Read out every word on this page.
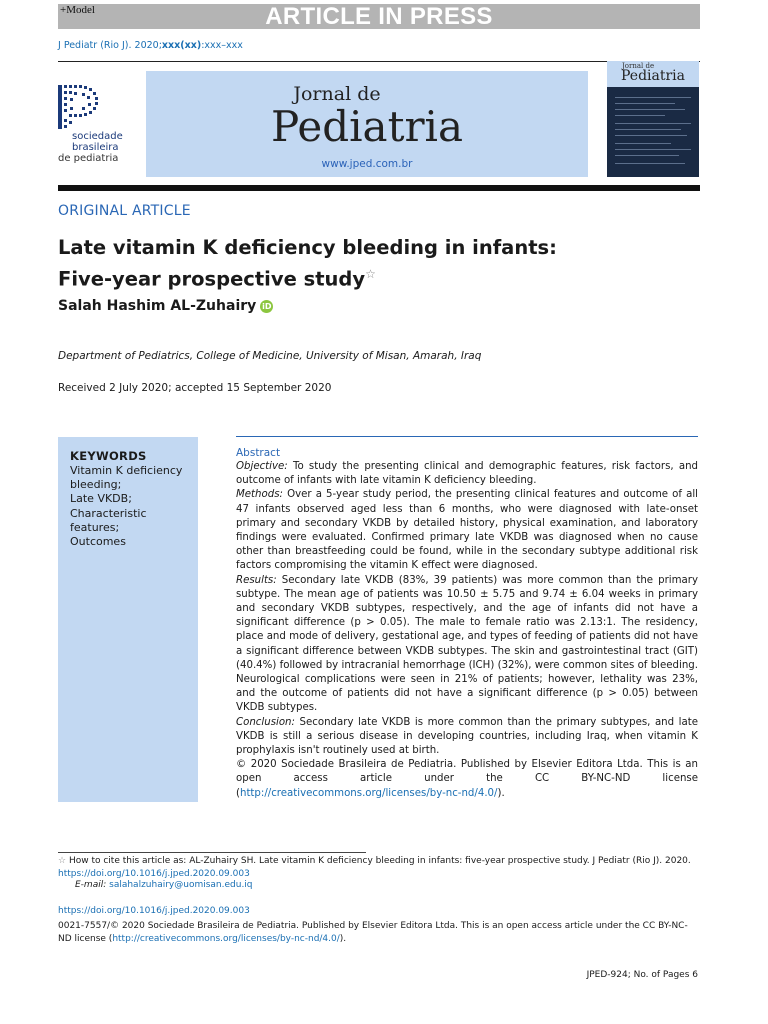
+Model	ARTICLE IN PRESS
J Pediatr (Rio J). 2020;xxx(xx):xxx–xxx
sociedade
brasileira
de pediatria
Jornal de
Pediatria
www.jped.com.br
Jornal de
Pediatria
ORIGINAL ARTICLE
Late vitamin K deficiency bleeding in infants:
Five-year prospective study☆
Salah Hashim AL-Zuhairy iD
Department of Pediatrics, College of Medicine, University of Misan, Amarah, Iraq
Received 2 July 2020; accepted 15 September 2020
KEYWORDS
Vitamin K deficiency bleeding;
Late VKDB;
Characteristic features;
Outcomes
Abstract

Objective: To study the presenting clinical and demographic features, risk factors, and outcome of infants with late vitamin K deficiency bleeding.

Methods: Over a 5-year study period, the presenting clinical features and outcome of all 47 infants observed aged less than 6 months, who were diagnosed with late-onset primary and secondary VKDB by detailed history, physical examination, and laboratory findings were evaluated. Confirmed primary late VKDB was diagnosed when no cause other than breastfeeding could be found, while in the secondary subtype additional risk factors compromising the vitamin K effect were diagnosed.

Results: Secondary late VKDB (83%, 39 patients) was more common than the primary subtype. The mean age of patients was 10.50 ± 5.75 and 9.74 ± 6.04 weeks in primary and secondary VKDB subtypes, respectively, and the age of infants did not have a significant difference (p > 0.05). The male to female ratio was 2.13:1. The residency, place and mode of delivery, gestational age, and types of feeding of patients did not have a significant difference between VKDB subtypes. The skin and gastrointestinal tract (GIT) (40.4%) followed by intracranial hemorrhage (ICH) (32%), were common sites of bleeding. Neurological complications were seen in 21% of patients; however, lethality was 23%, and the outcome of patients did not have a significant difference (p > 0.05) between VKDB subtypes.

Conclusion: Secondary late VKDB is more common than the primary subtypes, and late VKDB is still a serious disease in developing countries, including Iraq, when vitamin K prophylaxis isn't routinely used at birth.

© 2020 Sociedade Brasileira de Pediatria. Published by Elsevier Editora Ltda. This is an open access article under the CC BY-NC-ND license (http://creativecommons.org/licenses/by-nc-nd/4.0/).

☆ How to cite this article as: AL-Zuhairy SH. Late vitamin K deficiency bleeding in infants: five-year prospective study. J Pediatr (Rio J). 2020. https://doi.org/10.1016/j.jped.2020.09.003
E-mail: salahalzuhairy@uomisan.edu.iq
https://doi.org/10.1016/j.jped.2020.09.003
0021-7557/© 2020 Sociedade Brasileira de Pediatria. Published by Elsevier Editora Ltda. This is an open access article under the CC BY-NC-ND license (http://creativecommons.org/licenses/by-nc-nd/4.0/).
JPED-924; No. of Pages 6
